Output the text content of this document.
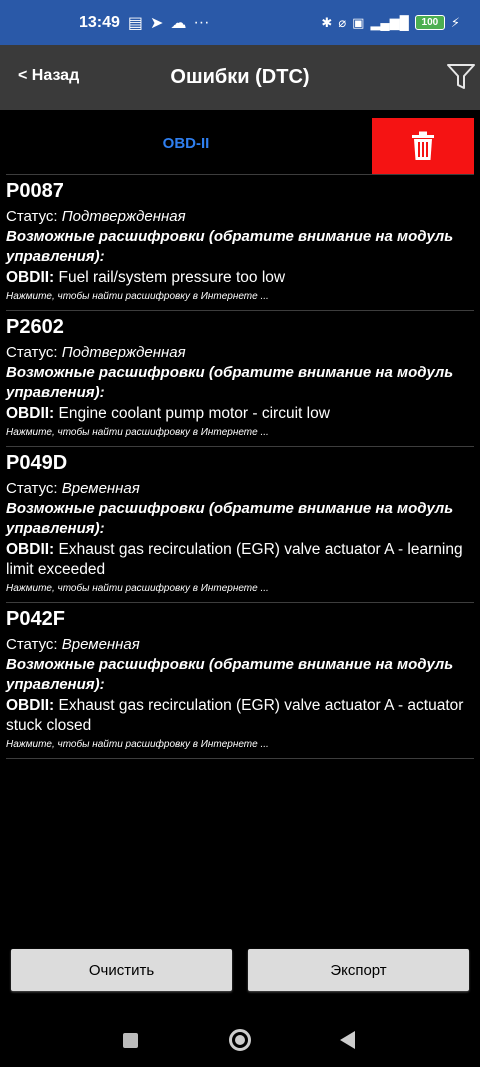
13:49 ▤ ➤ ☁ ···	✱ ⌀ ▣ ▂▄▆█	100 ⚡
< Назад	Ошибки (DTC)
OBD-II
P0087
Статус: Подтвержденная
Возможные расшифровки (обратите внимание на модуль управления):
OBDII: Fuel rail/system pressure too low
Нажмите, чтобы найти расшифровку в Интернете ...
P2602
Статус: Подтвержденная
Возможные расшифровки (обратите внимание на модуль управления):
OBDII: Engine coolant pump motor - circuit low
Нажмите, чтобы найти расшифровку в Интернете ...
P049D
Статус: Временная
Возможные расшифровки (обратите внимание на модуль управления):
OBDII: Exhaust gas recirculation (EGR) valve actuator A - learning limit exceeded
Нажмите, чтобы найти расшифровку в Интернете ...
P042F
Статус: Временная
Возможные расшифровки (обратите внимание на модуль управления):
OBDII: Exhaust gas recirculation (EGR) valve actuator A - actuator stuck closed
Нажмите, чтобы найти расшифровку в Интернете ...
Очистить	Экспорт
